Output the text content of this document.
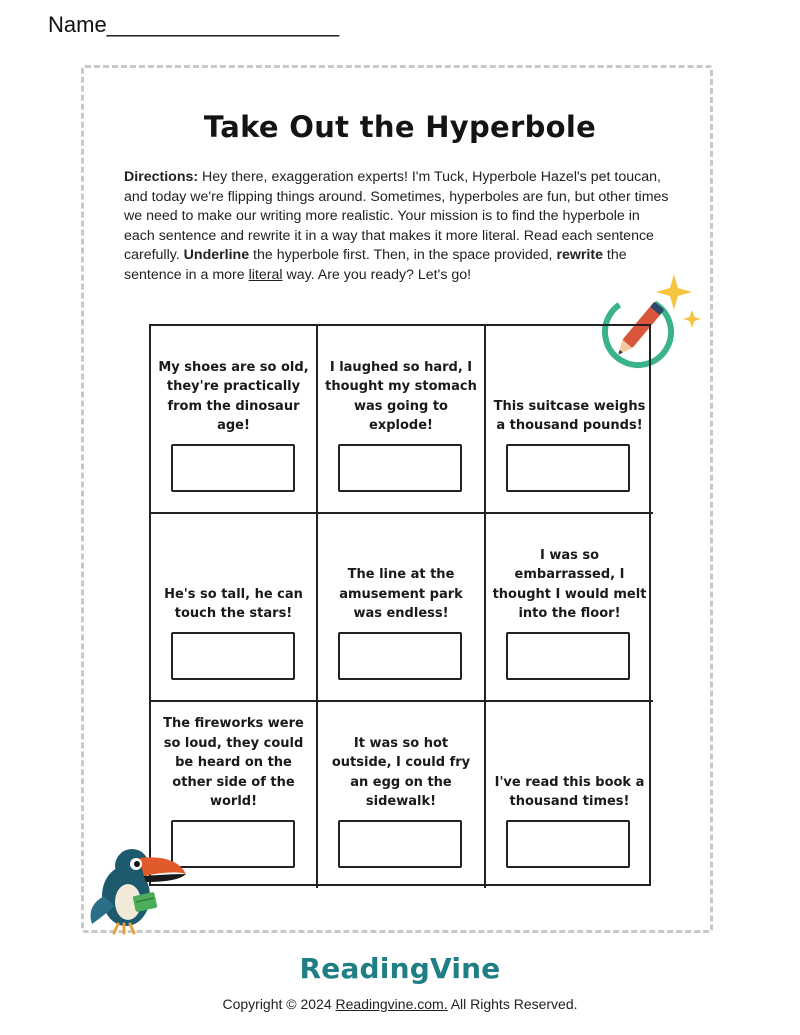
Name___________________
Take Out the Hyperbole
Directions: Hey there, exaggeration experts! I'm Tuck, Hyperbole Hazel's pet toucan, and today we're flipping things around. Sometimes, hyperboles are fun, but other times we need to make our writing more realistic. Your mission is to find the hyperbole in each sentence and rewrite it in a way that makes it more literal. Read each sentence carefully. Underline the hyperbole first. Then, in the space provided, rewrite the sentence in a more literal way. Are you ready? Let's go!
My shoes are so old, they're practically from the dinosaur age!
I laughed so hard, I thought my stomach was going to explode!
This suitcase weighs a thousand pounds!
He's so tall, he can touch the stars!
The line at the amusement park was endless!
I was so embarrassed, I thought I would melt into the floor!
The fireworks were so loud, they could be heard on the other side of the world!
It was so hot outside, I could fry an egg on the sidewalk!
I've read this book a thousand times!
ReadingVine
Copyright © 2024 Readingvine.com. All Rights Reserved.
